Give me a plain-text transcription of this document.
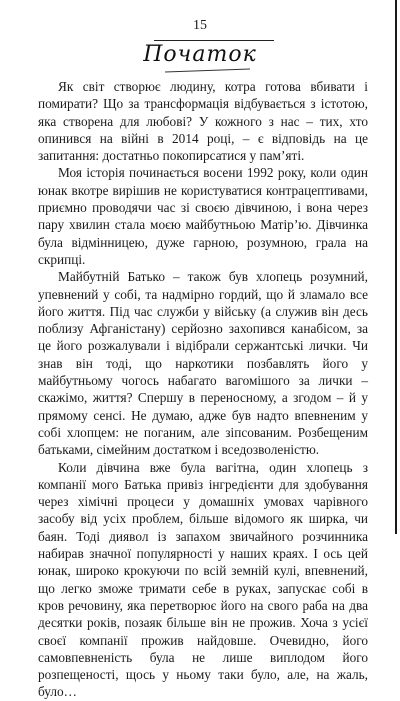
15
Початок

Як світ створює людину, котра готова вбивати і помирати? Що за трансформація відбувається з істотою, яка створена для любові? У кожного з нас – тих, хто опинився на війні в 2014 році, – є відповідь на це запитання: достатньо покопирсатися у пам’яті.

Моя історія починається восени 1992 року, коли один юнак вкотре вирішив не користуватися контрацептивами, приємно проводячи час зі своєю дівчиною, і вона через пару хвилин стала моєю майбутньою Матір’ю. Дівчинка була відмінницею, дуже гарною, розумною, грала на скрипці.

Майбутній Батько – також був хлопець розумний, упевнений у собі, та надмірно гордий, що й зламало все його життя. Під час служби у війську (а служив він десь поблизу Афганістану) серйозно захопився канабісом, за це його розжалували і відібрали сержантські лички. Чи знав він тоді, що наркотики позбавлять його у майбутньому чогось набагато вагомішого за лички – скажімо, життя? Спершу в переносному, а згодом – й у прямому сенсі. Не думаю, адже був надто впевненим у собі хлопцем: не поганим, але зіпсованим. Розбещеним батьками, сімейним достатком і вседозволеністю.

Коли дівчина вже була вагітна, один хлопець з компанії мого Батька привіз інгредієнти для здобування через хімічні процеси у домашніх умовах чарівного засобу від усіх проблем, більше відомого як ширка, чи баян. Тоді диявол із запахом звичайного розчинника набирав значної популярності у наших краях. І ось цей юнак, широко крокуючи по всій земній кулі, впевнений, що легко зможе тримати себе в руках, запускає собі в кров речовину, яка перетворює його на свого раба на два десятки років, позаяк більше він не прожив. Хоча з усієї своєї компанії прожив найдовше. Очевидно, його самовпевненість була не лише виплодом його розпещеності, щось у ньому таки було, але, на жаль, було…
